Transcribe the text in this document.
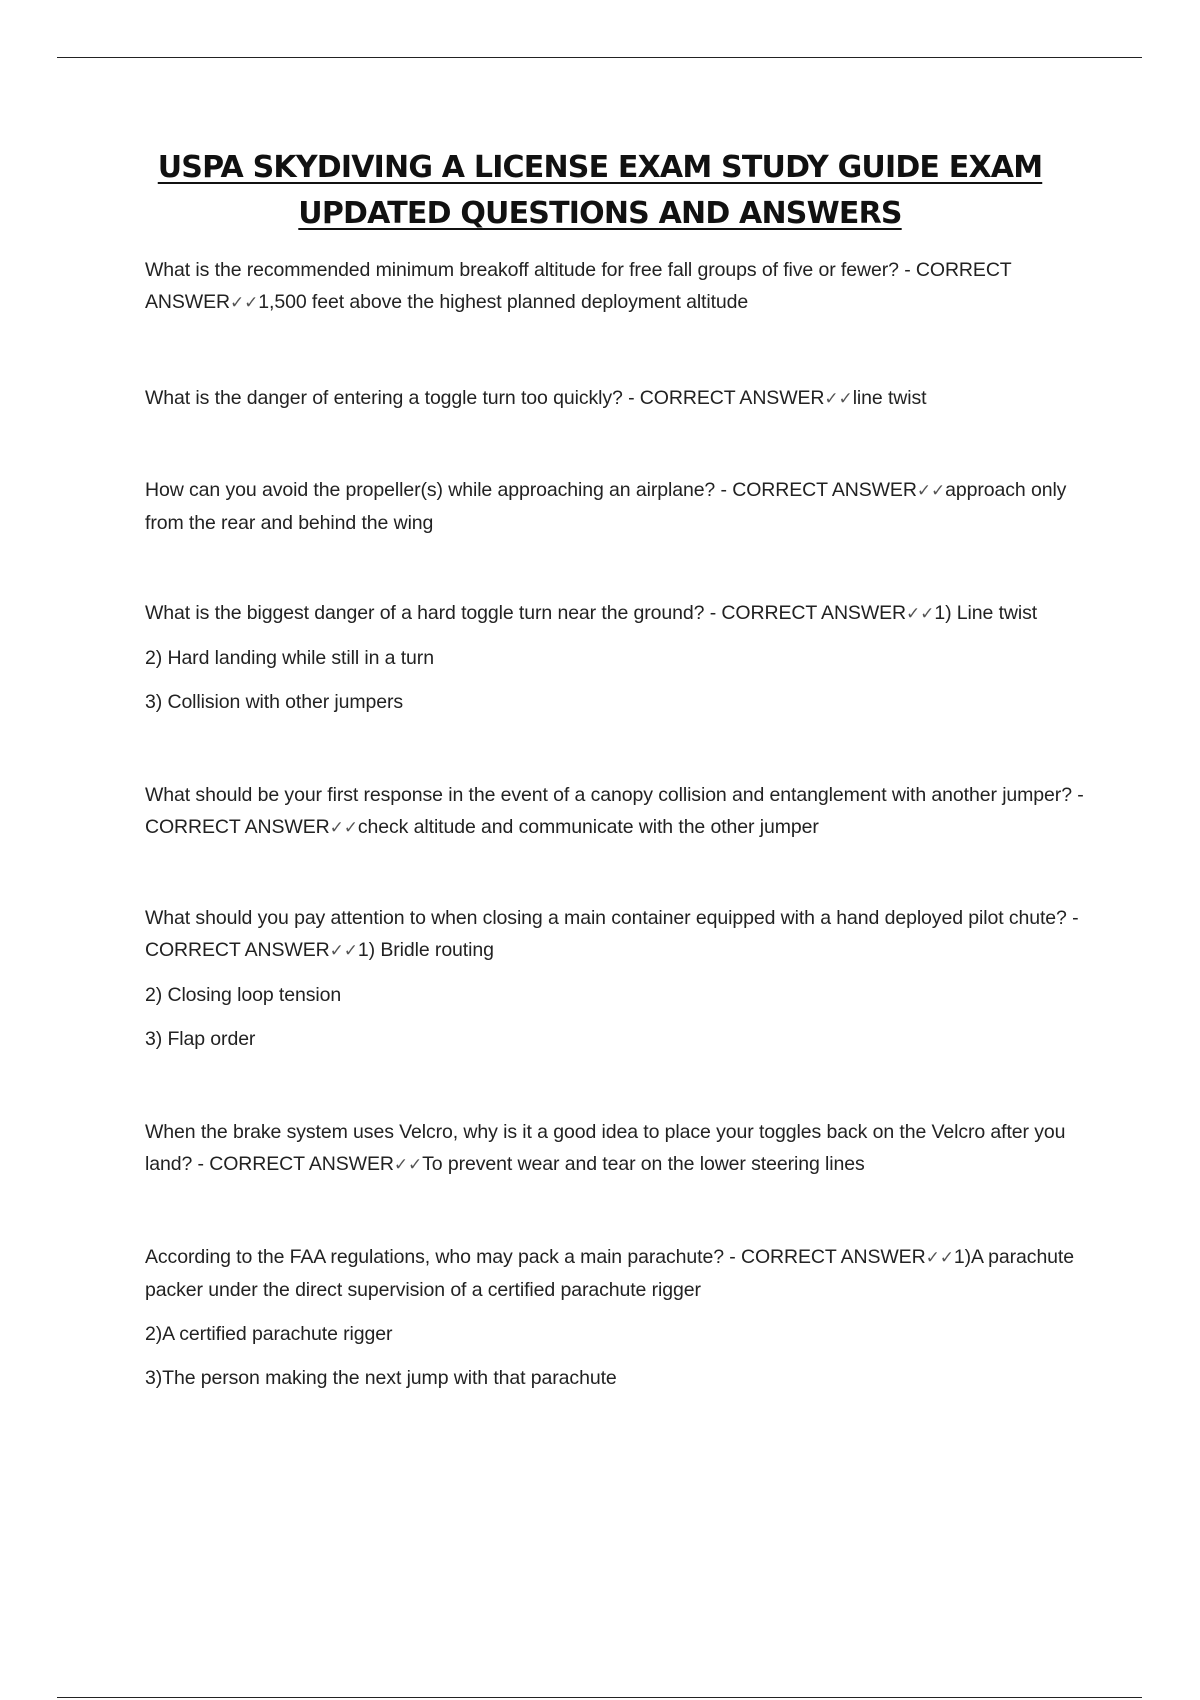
USPA SKYDIVING A LICENSE EXAM STUDY GUIDE EXAM
UPDATED QUESTIONS AND ANSWERS

What is the recommended minimum breakoff altitude for free fall groups of five or fewer? - CORRECT ANSWER✓✓1,500 feet above the highest planned deployment altitude

What is the danger of entering a toggle turn too quickly? - CORRECT ANSWER✓✓line twist

How can you avoid the propeller(s) while approaching an airplane? - CORRECT ANSWER✓✓approach only from the rear and behind the wing

What is the biggest danger of a hard toggle turn near the ground? - CORRECT ANSWER✓✓1) Line twist

2) Hard landing while still in a turn

3) Collision with other jumpers

What should be your first response in the event of a canopy collision and entanglement with another jumper? - CORRECT ANSWER✓✓check altitude and communicate with the other jumper

What should you pay attention to when closing a main container equipped with a hand deployed pilot chute? - CORRECT ANSWER✓✓1) Bridle routing

2) Closing loop tension

3) Flap order

When the brake system uses Velcro, why is it a good idea to place your toggles back on the Velcro after you land? - CORRECT ANSWER✓✓To prevent wear and tear on the lower steering lines

According to the FAA regulations, who may pack a main parachute? - CORRECT ANSWER✓✓1)A parachute packer under the direct supervision of a certified parachute rigger

2)A certified parachute rigger

3)The person making the next jump with that parachute
